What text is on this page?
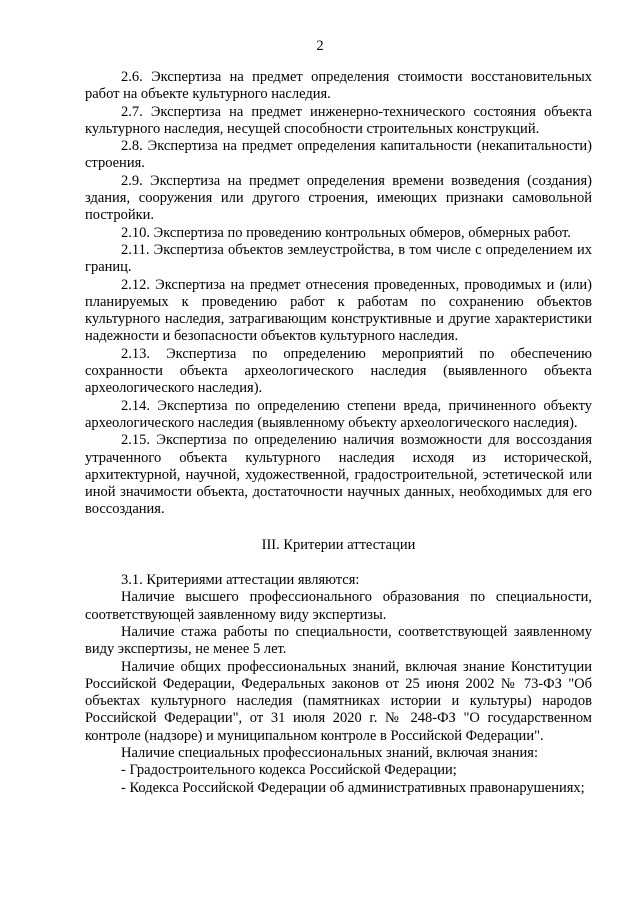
2

2.6. Экспертиза на предмет определения стоимости восстановительных работ на объекте культурного наследия.

2.7. Экспертиза на предмет инженерно-технического состояния объекта культурного наследия, несущей способности строительных конструкций.

2.8. Экспертиза на предмет определения капитальности (некапитальности) строения.

2.9. Экспертиза на предмет определения времени возведения (создания) здания, сооружения или другого строения, имеющих признаки самовольной постройки.

2.10. Экспертиза по проведению контрольных обмеров, обмерных работ.

2.11. Экспертиза объектов землеустройства, в том числе с определением их границ.

2.12. Экспертиза на предмет отнесения проведенных, проводимых и (или) планируемых к проведению работ к работам по сохранению объектов культурного наследия, затрагивающим конструктивные и другие характеристики надежности и безопасности объектов культурного наследия.

2.13. Экспертиза по определению мероприятий по обеспечению сохранности объекта археологического наследия (выявленного объекта археологического наследия).

2.14. Экспертиза по определению степени вреда, причиненного объекту археологического наследия (выявленному объекту археологического наследия).

2.15. Экспертиза по определению наличия возможности для воссоздания утраченного объекта культурного наследия исходя из исторической, архитектурной, научной, художественной, градостроительной, эстетической или иной значимости объекта, достаточности научных данных, необходимых для его воссоздания.

III. Критерии аттестации

3.1. Критериями аттестации являются:

Наличие высшего профессионального образования по специальности, соответствующей заявленному виду экспертизы.

Наличие стажа работы по специальности, соответствующей заявленному виду экспертизы, не менее 5 лет.

Наличие общих профессиональных знаний, включая знание Конституции Российской Федерации, Федеральных законов от 25 июня 2002 № 73-ФЗ "Об объектах культурного наследия (памятниках истории и культуры) народов Российской Федерации", от 31 июля 2020 г. № 248-ФЗ "О государственном контроле (надзоре) и муниципальном контроле в Российской Федерации".

Наличие специальных профессиональных знаний, включая знания:

- Градостроительного кодекса Российской Федерации;

- Кодекса Российской Федерации об административных правонарушениях;
